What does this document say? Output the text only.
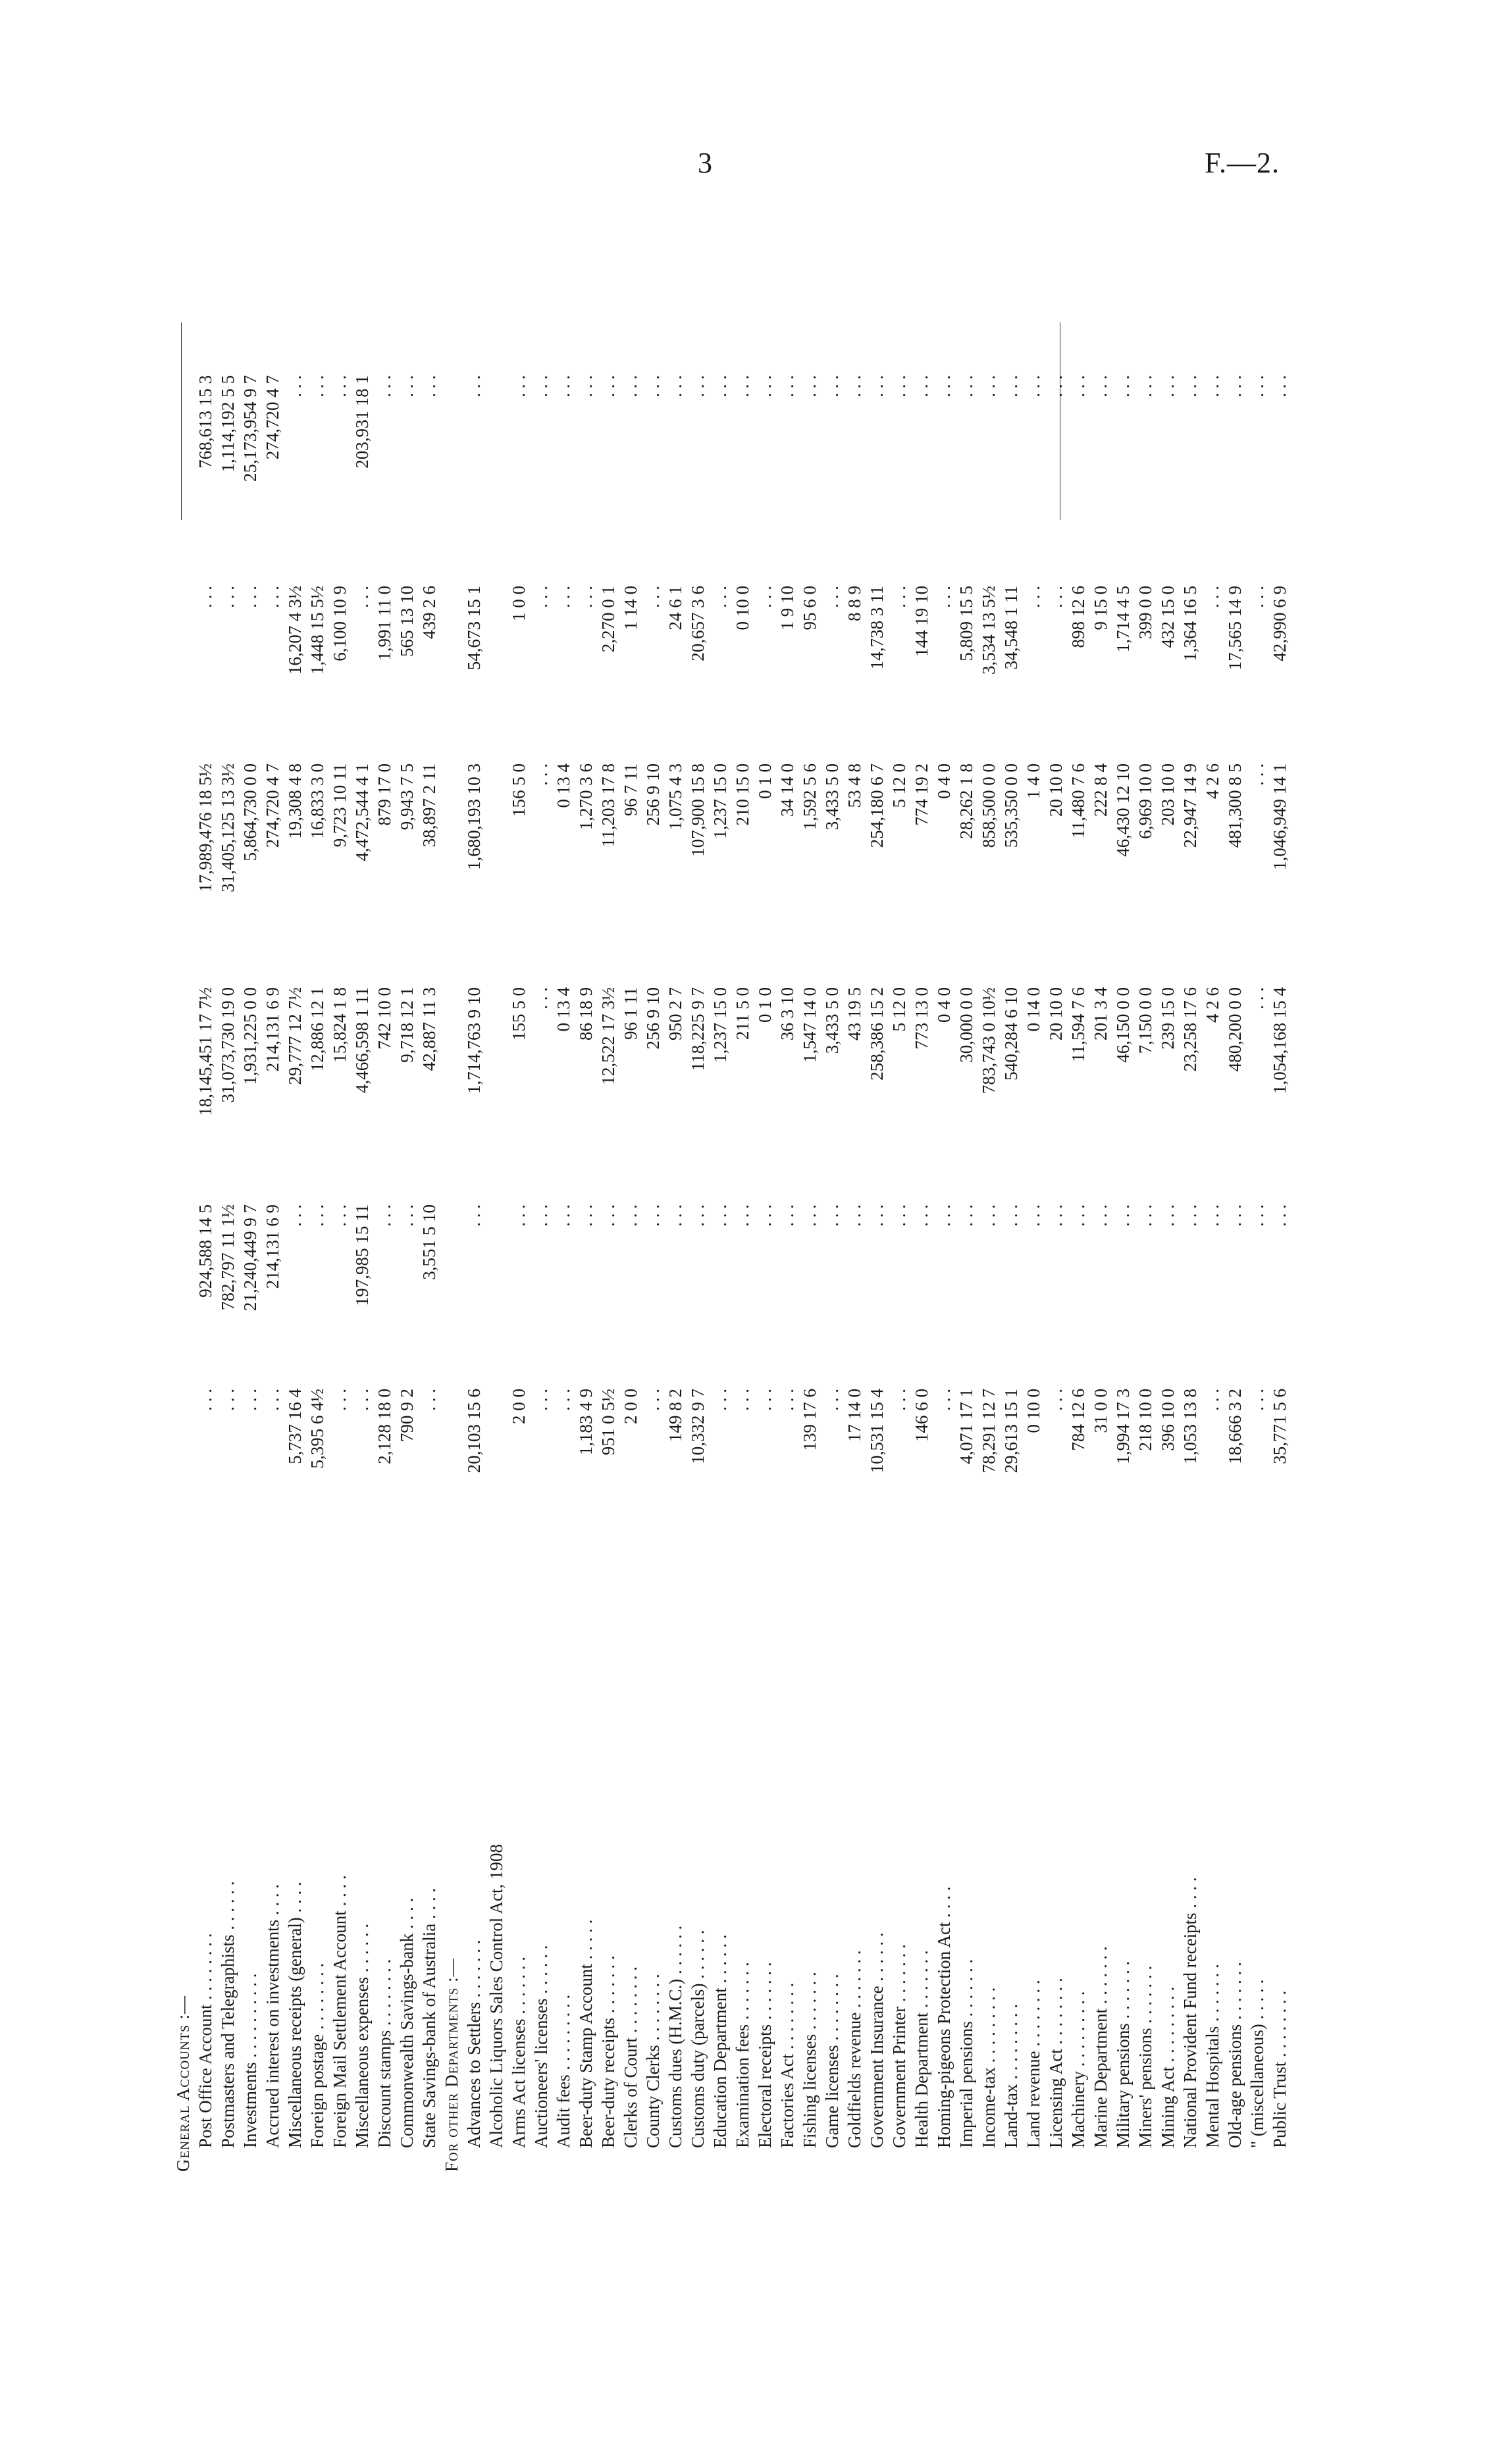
3	F.—2.
General Accounts :— Post Office Account . . . . . . . .
. . .
924,588 14 5
18,145,451 17 7½
17,989,476 18 5½
. . .
768,613 15 3
Postmasters and Telegraphists . . . . . .
. . .
782,797 11 1½
31,073,730 19 0
31,405,125 13 3½
. . .
1,114,192 5 5
Investments . . . . . . . . . .
. . .
21,240,449 9 7
1,931,225 0 0
5,864,730 0 0
. . .
25,173,954 9 7
Accrued interest on investments . . . .
. . .
214,131 6 9
214,131 6 9
274,720 4 7
. . .
274,720 4 7
Miscellaneous receipts (general) . . . .
5,737 16 4
. . .
29,777 12 7½
19,308 4 8
16,207 4 3½
. . .
Foreign postage . . . . . . . .
5,395 6 4½
. . .
12,886 12 1
16,833 3 0
1,448 15 5½
. . .
Foreign Mail Settlement Account . . . .
. . .
. . .
15,824 1 8
9,723 10 11
6,100 10 9
. . .
Miscellaneous expenses . . . . . .
. . .
197,985 15 11
4,466,598 1 11
4,472,544 4 1
. . .
203,931 18 1
Discount stamps . . . . . . . .
2,128 18 0
. . .
742 10 0
879 17 0
1,991 11 0
. . .
Commonwealth Savings-bank . . . .
790 9 2
. . .
9,718 12 1
9,943 7 5
565 13 10
. . .
State Savings-bank of Australia . . . .
. . .
3,551 5 10
42,887 11 3
38,897 2 11
439 2 6
. . .
For other Departments :— Advances to Settlers . . . . . . .
20,103 15 6
. . .
1,714,763 9 10
1,680,193 10 3
54,673 15 1
. . .
Alcoholic Liquors Sales Control Act, 1908 Arms Act licenses . . . . . . .
2 0 0
. . .
155 5 0
156 5 0
1 0 0
. . .
Auctioneers' licenses . . . . . .
. . .
. . .
. . .
. . .
. . .
. . .
Audit fees . . . . . . . . .
. . .
. . .
0 13 4
0 13 4
. . .
. . .
Beer-duty Stamp Account . . . . .
1,183 4 9
. . .
86 18 9
1,270 3 6
. . .
. . .
Beer-duty receipts . . . . . . .
951 0 5½
. . .
12,522 17 3½
11,203 17 8
2,270 0 1
. . .
Clerks of Court . . . . . . . .
2 0 0
. . .
96 1 11
96 7 11
1 14 0
. . .
County Clerks . . . . . . . .
. . .
. . .
256 9 10
256 9 10
. . .
. . .
Customs dues (H.M.C.) . . . . . .
149 8 2
. . .
950 2 7
1,075 4 3
24 6 1
. . .
Customs duty (parcels) . . . . . .
10,332 9 7
. . .
118,225 9 7
107,900 15 8
20,657 3 6
. . .
Education Department . . . . . .
. . .
. . .
1,237 15 0
1,237 15 0
. . .
. . .
Examination fees . . . . . . .
. . .
. . .
211 5 0
210 15 0
0 10 0
. . .
Electoral receipts . . . . . . .
. . .
. . .
0 1 0
0 1 0
. . .
. . .
Factories Act . . . . . . . .
. . .
. . .
36 3 10
34 14 0
1 9 10
. . .
Fishing licenses . . . . . . .
139 17 6
. . .
1,547 14 0
1,592 5 6
95 6 0
. . .
Game licenses . . . . . . . .
. . .
. . .
3,433 5 0
3,433 5 0
. . .
. . .
Goldfields revenue . . . . . . .
17 14 0
. . .
43 19 5
53 4 8
8 8 9
. . .
Government Insurance . . . . . .
10,531 15 4
. . .
258,386 15 2
254,180 6 7
14,738 3 11
. . .
Government Printer . . . . . . .
. . .
. . .
5 12 0
5 12 0
. . .
. . .
Health Department . . . . . . .
146 6 0
. . .
773 13 0
774 19 2
144 19 10
. . .
Homing-pigeons Protection Act . . . .
. . .
. . .
0 4 0
0 4 0
. . .
. . .
Imperial pensions . . . . . . .
4,071 17 1
. . .
30,000 0 0
28,262 1 8
5,809 15 5
. . .
Income-tax . . . . . . . . .
78,291 12 7
. . .
783,743 0 10½
858,500 0 0
3,534 13 5½
. . .
Land-tax . . . . . . . . .
29,613 15 1
. . .
540,284 6 10
535,350 0 0
34,548 1 11
. . .
Land revenue . . . . . . . .
0 10 0
. . .
0 14 0
1 4 0
. . .
. . .
Licensing Act . . . . . . . .
. . .
. . .
20 10 0
20 10 0
. . .
. . .
Machinery . . . . . . . . .
784 12 6
. . .
11,594 7 6
11,480 7 6
898 12 6
. . .
Marine Department . . . . . . .
31 0 0
. . .
201 3 4
222 8 4
9 15 0
. . .
Military pensions . . . . . . .
1,994 17 3
. . .
46,150 0 0
46,430 12 10
1,714 4 5
. . .
Miners' pensions . . . . . . .
218 10 0
. . .
7,150 0 0
6,969 10 0
399 0 0
. . .
Mining Act . . . . . . . . .
396 10 0
. . .
239 15 0
203 10 0
432 15 0
. . .
National Provident Fund receipts . . . .
1,053 13 8
. . .
23,258 17 6
22,947 14 9
1,364 16 5
. . .
Mental Hospitals . . . . . . .
. . .
. . .
4 2 6
4 2 6
. . .
. . .
Old-age pensions . . . . . . .
18,666 3 2
. . .
480,200 0 0
481,300 8 5
17,565 14 9
. . .
" (miscellaneous) . . . . .
. . .
. . .
. . .
. . .
. . .
. . .
Public Trust . . . . . . . .
35,771 5 6
. . .
1,054,168 15 4
1,046,949 14 1
42,990 6 9
. . .
